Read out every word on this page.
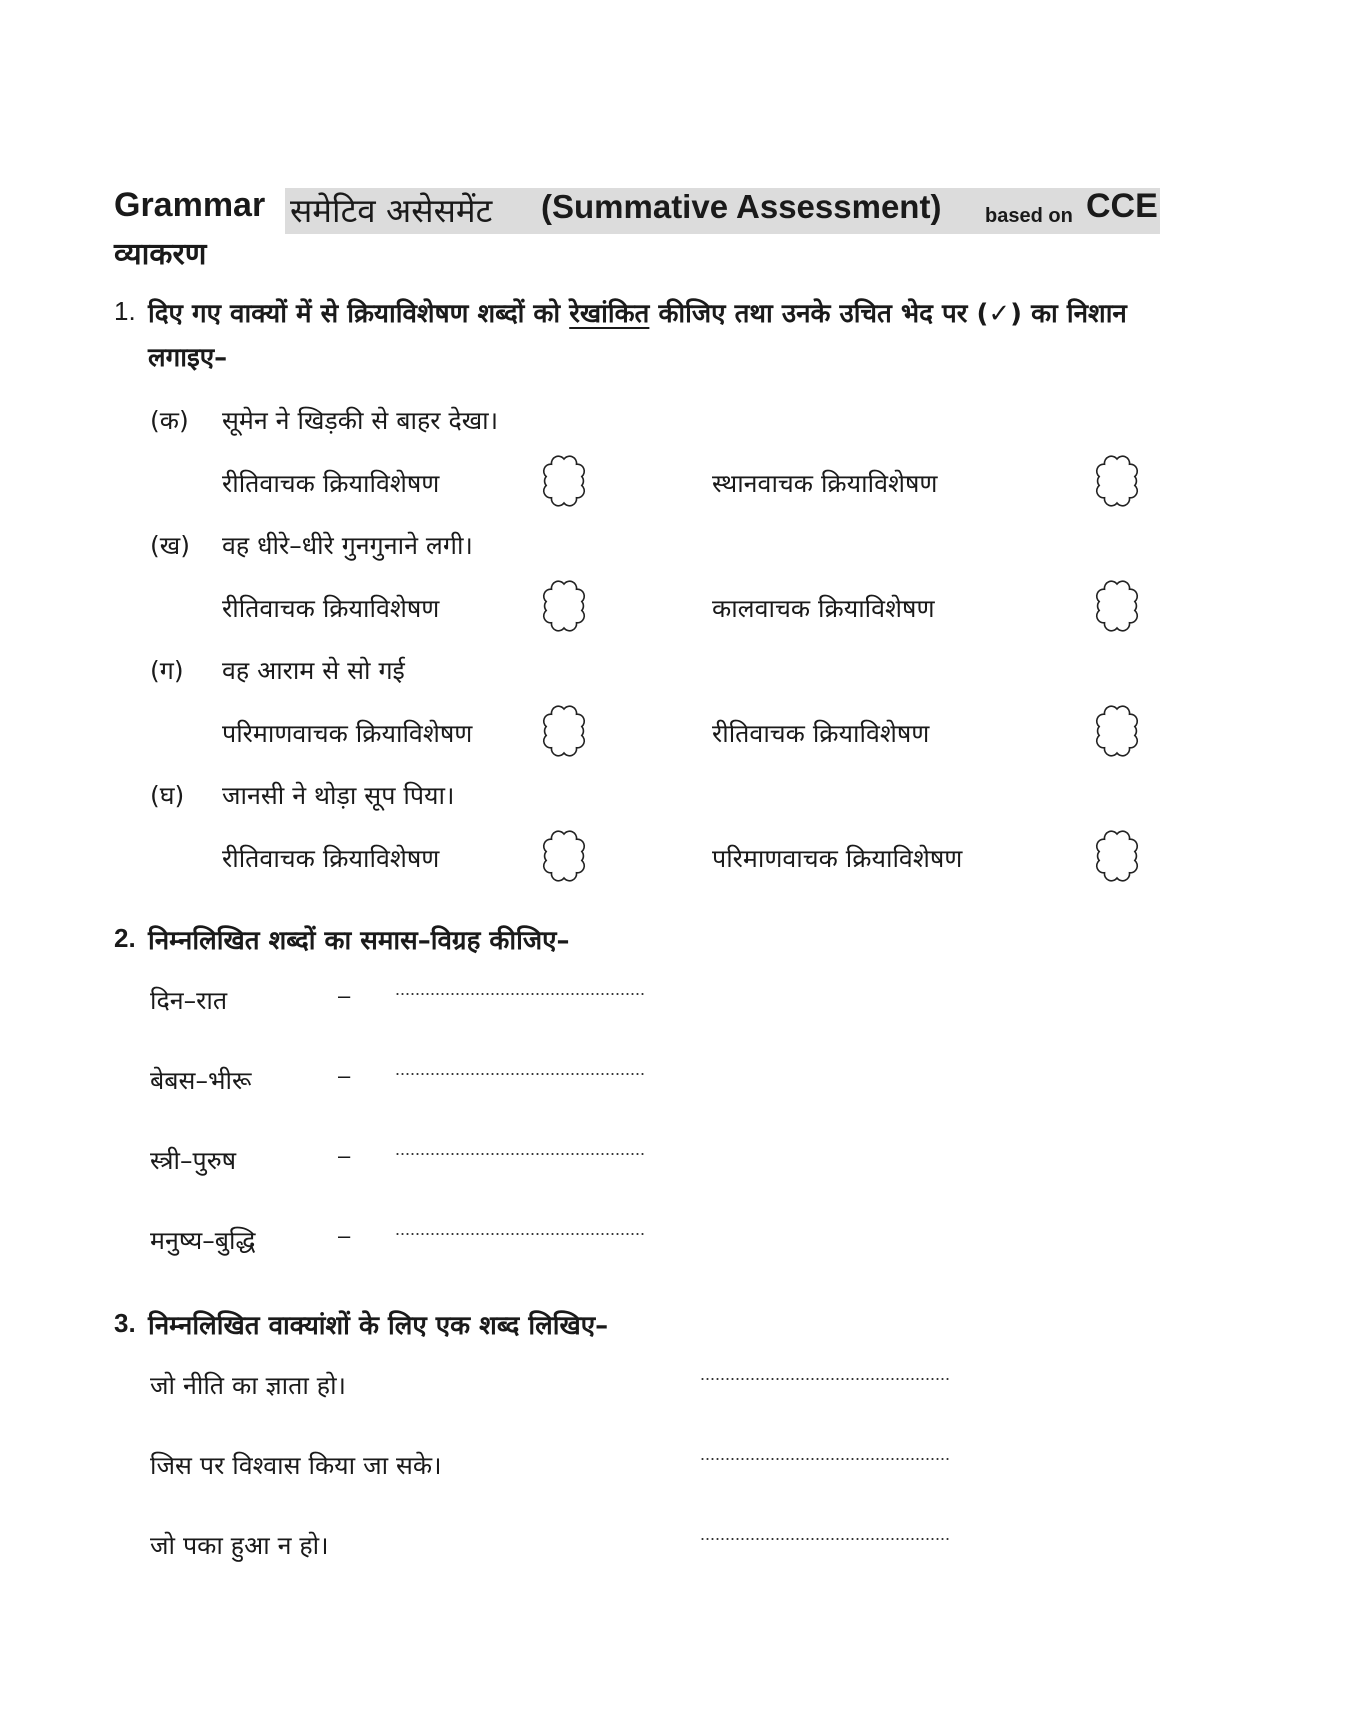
Grammar समेटिव असेसमेंट (Summative Assessment) based on CCE
व्याकरण
1. दिए गए वाक्यों में से क्रियाविशेषण शब्दों को रेखांकित कीजिए तथा उनके उचित भेद पर (✓) का निशान
लगाइए–
(क) सूमेन ने खिड़की से बाहर देखा।
रीतिवाचक क्रियाविशेषण	स्थानवाचक क्रियाविशेषण
(ख) वह धीरे–धीरे गुनगुनाने लगी।
रीतिवाचक क्रियाविशेषण	कालवाचक क्रियाविशेषण
(ग) वह आराम से सो गई
परिमाणवाचक क्रियाविशेषण	रीतिवाचक क्रियाविशेषण
(घ) जानसी ने थोड़ा सूप पिया।
रीतिवाचक क्रियाविशेषण	परिमाणवाचक क्रियाविशेषण
2. निम्नलिखित शब्दों का समास–विग्रह कीजिए–
दिन–रात	–
बेबस–भीरू	–
स्त्री–पुरुष	–
मनुष्य–बुद्धि	–
3. निम्नलिखित वाक्यांशों के लिए एक शब्द लिखिए–
जो नीति का ज्ञाता हो।
जिस पर विश्वास किया जा सके।
जो पका हुआ न हो।
